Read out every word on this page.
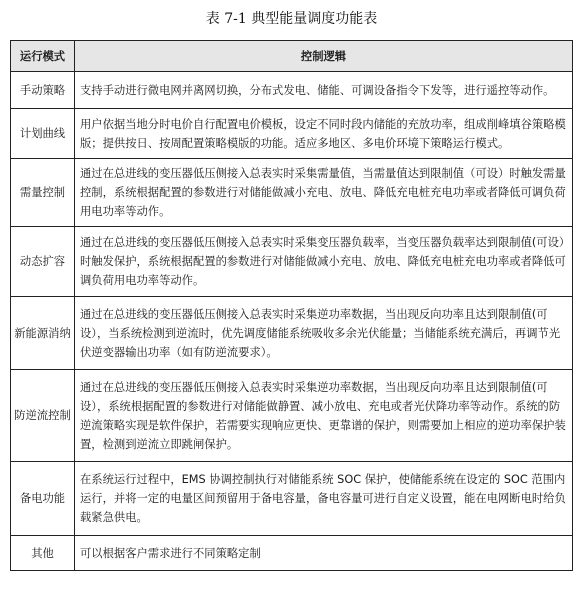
表 7-1 典型能量调度功能表
运行模式	控制逻辑
手动策略	支持手动进行微电网并离网切换，分布式发电、储能、可调设备指令下发等，进行遥控等动作。
计划曲线	用户依据当地分时电价自行配置电价模板，设定不同时段内储能的充放功率，组成削峰填谷策略模版；提供按日、按周配置策略模版的功能。适应多地区、多电价环境下策略运行模式。
需量控制	通过在总进线的变压器低压侧接入总表实时采集需量值，当需量值达到限制值（可设）时触发需量控制，系统根据配置的参数进行对储能做减小充电、放电、降低充电桩充电功率或者降低可调负荷用电功率等动作。
动态扩容	通过在总进线的变压器低压侧接入总表实时采集变压器负载率，当变压器负载率达到限制值(可设）时触发保护，系统根据配置的参数进行对储能做减小充电、放电、降低充电桩充电功率或者降低可调负荷用电功率等动作。
新能源消纳	通过在总进线的变压器低压侧接入总表实时采集逆功率数据，当出现反向功率且达到限制值(可设），当系统检测到逆流时，优先调度储能系统吸收多余光伏能量；当储能系统充满后，再调节光伏逆变器输出功率（如有防逆流要求）。
防逆流控制	通过在总进线的变压器低压侧接入总表实时采集逆功率数据，当出现反向功率且达到限制值(可设），系统根据配置的参数进行对储能做静置、减小放电、充电或者光伏降功率等动作。系统的防逆流策略实现是软件保护，若需要实现响应更快、更靠谱的保护，则需要加上相应的逆功率保护装置，检测到逆流立即跳闸保护。
备电功能	在系统运行过程中，EMS 协调控制执行对储能系统 SOC 保护，使储能系统在设定的 SOC 范围内运行，并将一定的电量区间预留用于备电容量，备电容量可进行自定义设置，能在电网断电时给负载紧急供电。
其他	可以根据客户需求进行不同策略定制
